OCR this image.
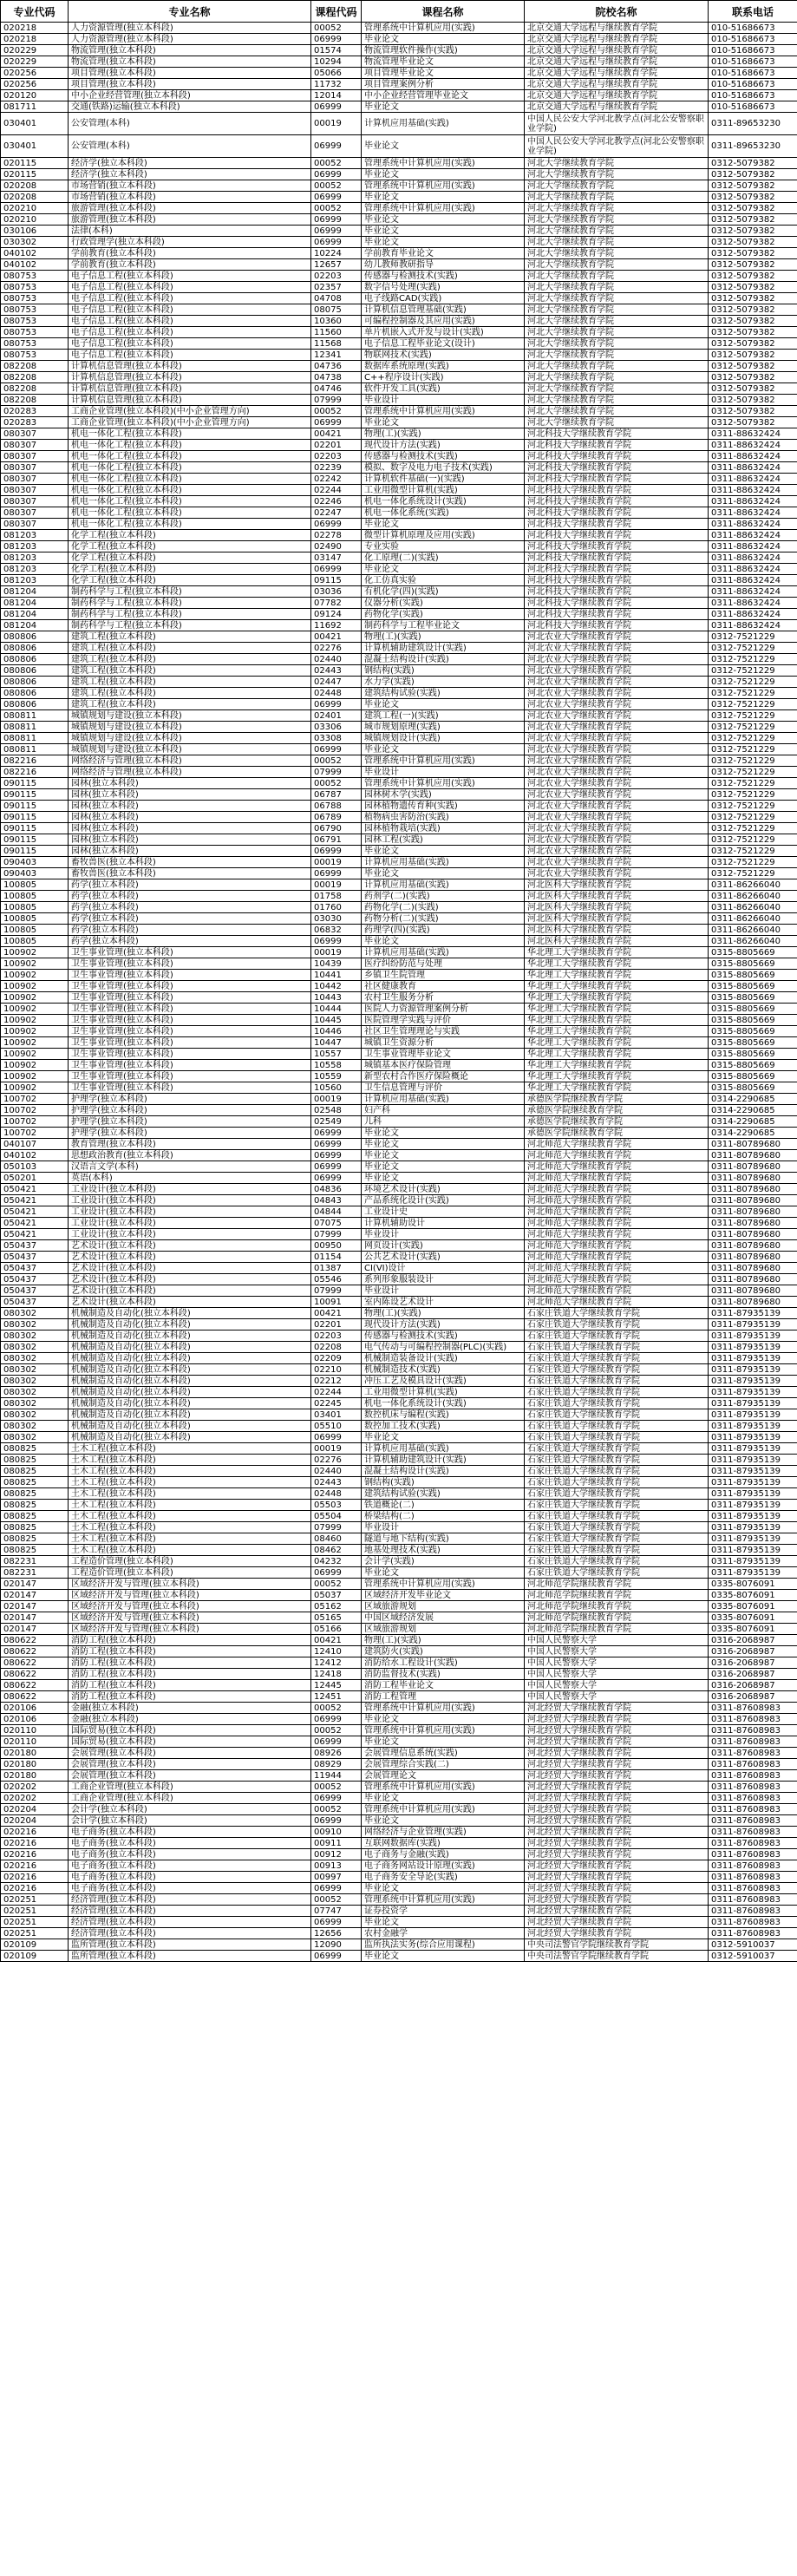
专业代码	专业名称	课程代码	课程名称	院校名称	联系电话
020218	人力资源管理(独立本科段)	00052	管理系统中计算机应用(实践)	北京交通大学远程与继续教育学院	010-51686673
020218	人力资源管理(独立本科段)	06999	毕业论文	北京交通大学远程与继续教育学院	010-51686673
020229	物流管理(独立本科段)	01574	物流管理软件操作(实践)	北京交通大学远程与继续教育学院	010-51686673
020229	物流管理(独立本科段)	10294	物流管理毕业论文	北京交通大学远程与继续教育学院	010-51686673
020256	项目管理(独立本科段)	05066	项目管理毕业论文	北京交通大学远程与继续教育学院	010-51686673
020256	项目管理(独立本科段)	11732	项目管理案例分析	北京交通大学远程与继续教育学院	010-51686673
020120	中小企业经营管理(独立本科段)	12014	中小企业经营管理毕业论文	北京交通大学远程与继续教育学院	010-51686673
081711	交通(铁路)运输(独立本科段)	06999	毕业论文	北京交通大学远程与继续教育学院	010-51686673
030401	公安管理(本科)	00019	计算机应用基础(实践)	中国人民公安大学河北教学点(河北公安警察职业学院)	0311-89653230
030401	公安管理(本科)	06999	毕业论文	中国人民公安大学河北教学点(河北公安警察职业学院)	0311-89653230
020115	经济学(独立本科段)	00052	管理系统中计算机应用(实践)	河北大学继续教育学院	0312-5079382
020115	经济学(独立本科段)	06999	毕业论文	河北大学继续教育学院	0312-5079382
020208	市场营销(独立本科段)	00052	管理系统中计算机应用(实践)	河北大学继续教育学院	0312-5079382
020208	市场营销(独立本科段)	06999	毕业论文	河北大学继续教育学院	0312-5079382
020210	旅游管理(独立本科段)	00052	管理系统中计算机应用(实践)	河北大学继续教育学院	0312-5079382
020210	旅游管理(独立本科段)	06999	毕业论文	河北大学继续教育学院	0312-5079382
030106	法律(本科)	06999	毕业论文	河北大学继续教育学院	0312-5079382
030302	行政管理学(独立本科段)	06999	毕业论文	河北大学继续教育学院	0312-5079382
040102	学前教育(独立本科段)	10224	学前教育毕业论文	河北大学继续教育学院	0312-5079382
040102	学前教育(独立本科段)	12657	幼儿教师教研指导	河北大学继续教育学院	0312-5079382
080753	电子信息工程(独立本科段)	02203	传感器与检测技术(实践)	河北大学继续教育学院	0312-5079382
080753	电子信息工程(独立本科段)	02357	数字信号处理(实践)	河北大学继续教育学院	0312-5079382
080753	电子信息工程(独立本科段)	04708	电子线路CAD(实践)	河北大学继续教育学院	0312-5079382
080753	电子信息工程(独立本科段)	08075	计算机信息管理基础(实践)	河北大学继续教育学院	0312-5079382
080753	电子信息工程(独立本科段)	10360	可编程控制器及其应用(实践)	河北大学继续教育学院	0312-5079382
080753	电子信息工程(独立本科段)	11560	单片机嵌入式开发与设计(实践)	河北大学继续教育学院	0312-5079382
080753	电子信息工程(独立本科段)	11568	电子信息工程毕业论文(设计)	河北大学继续教育学院	0312-5079382
080753	电子信息工程(独立本科段)	12341	物联网技术(实践)	河北大学继续教育学院	0312-5079382
082208	计算机信息管理(独立本科段)	04736	数据库系统原理(实践)	河北大学继续教育学院	0312-5079382
082208	计算机信息管理(独立本科段)	04738	C++程序设计(实践)	河北大学继续教育学院	0312-5079382
082208	计算机信息管理(独立本科段)	04746	软件开发工具(实践)	河北大学继续教育学院	0312-5079382
082208	计算机信息管理(独立本科段)	07999	毕业设计	河北大学继续教育学院	0312-5079382
020283	工商企业管理(独立本科段)(中小企业管理方向)	00052	管理系统中计算机应用(实践)	河北大学继续教育学院	0312-5079382
020283	工商企业管理(独立本科段)(中小企业管理方向)	06999	毕业论文	河北大学继续教育学院	0312-5079382
080307	机电一体化工程(独立本科段)	00421	物理(工)(实践)	河北科技大学继续教育学院	0311-88632424
080307	机电一体化工程(独立本科段)	02201	现代设计方法(实践)	河北科技大学继续教育学院	0311-88632424
080307	机电一体化工程(独立本科段)	02203	传感器与检测技术(实践)	河北科技大学继续教育学院	0311-88632424
080307	机电一体化工程(独立本科段)	02239	模拟、数字及电力电子技术(实践)	河北科技大学继续教育学院	0311-88632424
080307	机电一体化工程(独立本科段)	02242	计算机软件基础(一)(实践)	河北科技大学继续教育学院	0311-88632424
080307	机电一体化工程(独立本科段)	02244	工业用微型计算机(实践)	河北科技大学继续教育学院	0311-88632424
080307	机电一体化工程(独立本科段)	02246	机电一体化系统设计(实践)	河北科技大学继续教育学院	0311-88632424
080307	机电一体化工程(独立本科段)	02247	机电一体化系统(实践)	河北科技大学继续教育学院	0311-88632424
080307	机电一体化工程(独立本科段)	06999	毕业论文	河北科技大学继续教育学院	0311-88632424
081203	化学工程(独立本科段)	02278	微型计算机原理及应用(实践)	河北科技大学继续教育学院	0311-88632424
081203	化学工程(独立本科段)	02490	专业实验	河北科技大学继续教育学院	0311-88632424
081203	化学工程(独立本科段)	03147	化工原理(二)(实践)	河北科技大学继续教育学院	0311-88632424
081203	化学工程(独立本科段)	06999	毕业论文	河北科技大学继续教育学院	0311-88632424
081203	化学工程(独立本科段)	09115	化工仿真实验	河北科技大学继续教育学院	0311-88632424
081204	制药科学与工程(独立本科段)	03036	有机化学(四)(实践)	河北科技大学继续教育学院	0311-88632424
081204	制药科学与工程(独立本科段)	07782	仪器分析(实践)	河北科技大学继续教育学院	0311-88632424
081204	制药科学与工程(独立本科段)	09124	药物化学(实践)	河北科技大学继续教育学院	0311-88632424
081204	制药科学与工程(独立本科段)	11692	制药科学与工程毕业论文	河北科技大学继续教育学院	0311-88632424
080806	建筑工程(独立本科段)	00421	物理(工)(实践)	河北农业大学继续教育学院	0312-7521229
080806	建筑工程(独立本科段)	02276	计算机辅助建筑设计(实践)	河北农业大学继续教育学院	0312-7521229
080806	建筑工程(独立本科段)	02440	混凝土结构设计(实践)	河北农业大学继续教育学院	0312-7521229
080806	建筑工程(独立本科段)	02443	钢结构(实践)	河北农业大学继续教育学院	0312-7521229
080806	建筑工程(独立本科段)	02447	水力学(实践)	河北农业大学继续教育学院	0312-7521229
080806	建筑工程(独立本科段)	02448	建筑结构试验(实践)	河北农业大学继续教育学院	0312-7521229
080806	建筑工程(独立本科段)	06999	毕业论文	河北农业大学继续教育学院	0312-7521229
080811	城镇规划与建设(独立本科段)	02401	建筑工程(一)(实践)	河北农业大学继续教育学院	0312-7521229
080811	城镇规划与建设(独立本科段)	03306	城市规划原理(实践)	河北农业大学继续教育学院	0312-7521229
080811	城镇规划与建设(独立本科段)	03308	城镇规划设计(实践)	河北农业大学继续教育学院	0312-7521229
080811	城镇规划与建设(独立本科段)	06999	毕业论文	河北农业大学继续教育学院	0312-7521229
082216	网络经济与管理(独立本科段)	00052	管理系统中计算机应用(实践)	河北农业大学继续教育学院	0312-7521229
082216	网络经济与管理(独立本科段)	07999	毕业设计	河北农业大学继续教育学院	0312-7521229
090115	园林(独立本科段)	00052	管理系统中计算机应用(实践)	河北农业大学继续教育学院	0312-7521229
090115	园林(独立本科段)	06787	园林树木学(实践)	河北农业大学继续教育学院	0312-7521229
090115	园林(独立本科段)	06788	园林植物遗传育种(实践)	河北农业大学继续教育学院	0312-7521229
090115	园林(独立本科段)	06789	植物病虫害防治(实践)	河北农业大学继续教育学院	0312-7521229
090115	园林(独立本科段)	06790	园林植物栽培(实践)	河北农业大学继续教育学院	0312-7521229
090115	园林(独立本科段)	06791	园林工程(实践)	河北农业大学继续教育学院	0312-7521229
090115	园林(独立本科段)	06999	毕业论文	河北农业大学继续教育学院	0312-7521229
090403	畜牧兽医(独立本科段)	00019	计算机应用基础(实践)	河北农业大学继续教育学院	0312-7521229
090403	畜牧兽医(独立本科段)	06999	毕业论文	河北农业大学继续教育学院	0312-7521229
100805	药学(独立本科段)	00019	计算机应用基础(实践)	河北医科大学继续教育学院	0311-86266040
100805	药学(独立本科段)	01758	药剂学(二)(实践)	河北医科大学继续教育学院	0311-86266040
100805	药学(独立本科段)	01760	药物化学(二)(实践)	河北医科大学继续教育学院	0311-86266040
100805	药学(独立本科段)	03030	药物分析(二)(实践)	河北医科大学继续教育学院	0311-86266040
100805	药学(独立本科段)	06832	药理学(四)(实践)	河北医科大学继续教育学院	0311-86266040
100805	药学(独立本科段)	06999	毕业论文	河北医科大学继续教育学院	0311-86266040
100902	卫生事业管理(独立本科段)	00019	计算机应用基础(实践)	华北理工大学继续教育学院	0315-8805669
100902	卫生事业管理(独立本科段)	10439	医疗纠纷防范与处理	华北理工大学继续教育学院	0315-8805669
100902	卫生事业管理(独立本科段)	10441	乡镇卫生院管理	华北理工大学继续教育学院	0315-8805669
100902	卫生事业管理(独立本科段)	10442	社区健康教育	华北理工大学继续教育学院	0315-8805669
100902	卫生事业管理(独立本科段)	10443	农村卫生服务分析	华北理工大学继续教育学院	0315-8805669
100902	卫生事业管理(独立本科段)	10444	医院人力资源管理案例分析	华北理工大学继续教育学院	0315-8805669
100902	卫生事业管理(独立本科段)	10445	医院管理学实践与评价	华北理工大学继续教育学院	0315-8805669
100902	卫生事业管理(独立本科段)	10446	社区卫生管理理论与实践	华北理工大学继续教育学院	0315-8805669
100902	卫生事业管理(独立本科段)	10447	城镇卫生资源分析	华北理工大学继续教育学院	0315-8805669
100902	卫生事业管理(独立本科段)	10557	卫生事业管理毕业论文	华北理工大学继续教育学院	0315-8805669
100902	卫生事业管理(独立本科段)	10558	城镇基本医疗保险管理	华北理工大学继续教育学院	0315-8805669
100902	卫生事业管理(独立本科段)	10559	新型农村合作医疗保险概论	华北理工大学继续教育学院	0315-8805669
100902	卫生事业管理(独立本科段)	10560	卫生信息管理与评价	华北理工大学继续教育学院	0315-8805669
100702	护理学(独立本科段)	00019	计算机应用基础(实践)	承德医学院继续教育学院	0314-2290685
100702	护理学(独立本科段)	02548	妇产科	承德医学院继续教育学院	0314-2290685
100702	护理学(独立本科段)	02549	儿科	承德医学院继续教育学院	0314-2290685
100702	护理学(独立本科段)	06999	毕业论文	承德医学院继续教育学院	0314-2290685
040107	教育管理(独立本科段)	06999	毕业论文	河北师范大学继续教育学院	0311-80789680
040102	思想政治教育(独立本科段)	06999	毕业论文	河北师范大学继续教育学院	0311-80789680
050103	汉语言文学(本科)	06999	毕业论文	河北师范大学继续教育学院	0311-80789680
050201	英语(本科)	06999	毕业论文	河北师范大学继续教育学院	0311-80789680
050421	工业设计(独立本科段)	04836	环境艺术设计(实践)	河北师范大学继续教育学院	0311-80789680
050421	工业设计(独立本科段)	04843	产品系统化设计(实践)	河北师范大学继续教育学院	0311-80789680
050421	工业设计(独立本科段)	04844	工业设计史	河北师范大学继续教育学院	0311-80789680
050421	工业设计(独立本科段)	07075	计算机辅助设计	河北师范大学继续教育学院	0311-80789680
050421	工业设计(独立本科段)	07999	毕业设计	河北师范大学继续教育学院	0311-80789680
050437	艺术设计(独立本科段)	00950	网页设计(实践)	河北师范大学继续教育学院	0311-80789680
050437	艺术设计(独立本科段)	01154	公共艺术设计(实践)	河北师范大学继续教育学院	0311-80789680
050437	艺术设计(独立本科段)	01387	CI(VI)设计	河北师范大学继续教育学院	0311-80789680
050437	艺术设计(独立本科段)	05546	系列形象服装设计	河北师范大学继续教育学院	0311-80789680
050437	艺术设计(独立本科段)	07999	毕业设计	河北师范大学继续教育学院	0311-80789680
050437	艺术设计(独立本科段)	10091	室内陈设艺术设计	河北师范大学继续教育学院	0311-80789680
080302	机械制造及自动化(独立本科段)	00421	物理(工)(实践)	石家庄铁道大学继续教育学院	0311-87935139
080302	机械制造及自动化(独立本科段)	02201	现代设计方法(实践)	石家庄铁道大学继续教育学院	0311-87935139
080302	机械制造及自动化(独立本科段)	02203	传感器与检测技术(实践)	石家庄铁道大学继续教育学院	0311-87935139
080302	机械制造及自动化(独立本科段)	02208	电气传动与可编程控制器(PLC)(实践)	石家庄铁道大学继续教育学院	0311-87935139
080302	机械制造及自动化(独立本科段)	02209	机械制造装备设计(实践)	石家庄铁道大学继续教育学院	0311-87935139
080302	机械制造及自动化(独立本科段)	02210	机械制造技术(实践)	石家庄铁道大学继续教育学院	0311-87935139
080302	机械制造及自动化(独立本科段)	02212	冲压工艺及模具设计(实践)	石家庄铁道大学继续教育学院	0311-87935139
080302	机械制造及自动化(独立本科段)	02244	工业用微型计算机(实践)	石家庄铁道大学继续教育学院	0311-87935139
080302	机械制造及自动化(独立本科段)	02245	机电一体化系统设计(实践)	石家庄铁道大学继续教育学院	0311-87935139
080302	机械制造及自动化(独立本科段)	03401	数控机床与编程(实践)	石家庄铁道大学继续教育学院	0311-87935139
080302	机械制造及自动化(独立本科段)	05510	数控加工技术(实践)	石家庄铁道大学继续教育学院	0311-87935139
080302	机械制造及自动化(独立本科段)	06999	毕业论文	石家庄铁道大学继续教育学院	0311-87935139
080825	土木工程(独立本科段)	00019	计算机应用基础(实践)	石家庄铁道大学继续教育学院	0311-87935139
080825	土木工程(独立本科段)	02276	计算机辅助建筑设计(实践)	石家庄铁道大学继续教育学院	0311-87935139
080825	土木工程(独立本科段)	02440	混凝土结构设计(实践)	石家庄铁道大学继续教育学院	0311-87935139
080825	土木工程(独立本科段)	02443	钢结构(实践)	石家庄铁道大学继续教育学院	0311-87935139
080825	土木工程(独立本科段)	02448	建筑结构试验(实践)	石家庄铁道大学继续教育学院	0311-87935139
080825	土木工程(独立本科段)	05503	铁道概论(二)	石家庄铁道大学继续教育学院	0311-87935139
080825	土木工程(独立本科段)	05504	桥梁结构(二)	石家庄铁道大学继续教育学院	0311-87935139
080825	土木工程(独立本科段)	07999	毕业设计	石家庄铁道大学继续教育学院	0311-87935139
080825	土木工程(独立本科段)	08460	隧道与地下结构(实践)	石家庄铁道大学继续教育学院	0311-87935139
080825	土木工程(独立本科段)	08462	地基处理技术(实践)	石家庄铁道大学继续教育学院	0311-87935139
082231	工程造价管理(独立本科段)	04232	会计学(实践)	石家庄铁道大学继续教育学院	0311-87935139
082231	工程造价管理(独立本科段)	06999	毕业论文	石家庄铁道大学继续教育学院	0311-87935139
020147	区域经济开发与管理(独立本科段)	00052	管理系统中计算机应用(实践)	河北师范学院继续教育学院	0335-8076091
020147	区域经济开发与管理(独立本科段)	05037	区域经济开发毕业论文	河北师范学院继续教育学院	0335-8076091
020147	区域经济开发与管理(独立本科段)	05162	区域旅游规划	河北师范学院继续教育学院	0335-8076091
020147	区域经济开发与管理(独立本科段)	05165	中国区域经济发展	河北师范学院继续教育学院	0335-8076091
020147	区域经济开发与管理(独立本科段)	05166	区域旅游规划	河北师范学院继续教育学院	0335-8076091
080622	消防工程(独立本科段)	00421	物理(工)(实践)	中国人民警察大学	0316-2068987
080622	消防工程(独立本科段)	12410	建筑防火(实践)	中国人民警察大学	0316-2068987
080622	消防工程(独立本科段)	12412	消防给水工程设计(实践)	中国人民警察大学	0316-2068987
080622	消防工程(独立本科段)	12418	消防监督技术(实践)	中国人民警察大学	0316-2068987
080622	消防工程(独立本科段)	12445	消防工程毕业论文	中国人民警察大学	0316-2068987
080622	消防工程(独立本科段)	12451	消防工程管理	中国人民警察大学	0316-2068987
020106	金融(独立本科段)	00052	管理系统中计算机应用(实践)	河北经贸大学继续教育学院	0311-87608983
020106	金融(独立本科段)	06999	毕业论文	河北经贸大学继续教育学院	0311-87608983
020110	国际贸易(独立本科段)	00052	管理系统中计算机应用(实践)	河北经贸大学继续教育学院	0311-87608983
020110	国际贸易(独立本科段)	06999	毕业论文	河北经贸大学继续教育学院	0311-87608983
020180	会展管理(独立本科段)	08926	会展管理信息系统(实践)	河北经贸大学继续教育学院	0311-87608983
020180	会展管理(独立本科段)	08929	会展管理综合实践(二)	河北经贸大学继续教育学院	0311-87608983
020180	会展管理(独立本科段)	11944	会展管理论文	河北经贸大学继续教育学院	0311-87608983
020202	工商企业管理(独立本科段)	00052	管理系统中计算机应用(实践)	河北经贸大学继续教育学院	0311-87608983
020202	工商企业管理(独立本科段)	06999	毕业论文	河北经贸大学继续教育学院	0311-87608983
020204	会计学(独立本科段)	00052	管理系统中计算机应用(实践)	河北经贸大学继续教育学院	0311-87608983
020204	会计学(独立本科段)	06999	毕业论文	河北经贸大学继续教育学院	0311-87608983
020216	电子商务(独立本科段)	00910	网络经济与企业管理(实践)	河北经贸大学继续教育学院	0311-87608983
020216	电子商务(独立本科段)	00911	互联网数据库(实践)	河北经贸大学继续教育学院	0311-87608983
020216	电子商务(独立本科段)	00912	电子商务与金融(实践)	河北经贸大学继续教育学院	0311-87608983
020216	电子商务(独立本科段)	00913	电子商务网站设计原理(实践)	河北经贸大学继续教育学院	0311-87608983
020216	电子商务(独立本科段)	00997	电子商务安全导论(实践)	河北经贸大学继续教育学院	0311-87608983
020216	电子商务(独立本科段)	06999	毕业论文	河北经贸大学继续教育学院	0311-87608983
020251	经济管理(独立本科段)	00052	管理系统中计算机应用(实践)	河北经贸大学继续教育学院	0311-87608983
020251	经济管理(独立本科段)	07747	证券投资学	河北经贸大学继续教育学院	0311-87608983
020251	经济管理(独立本科段)	06999	毕业论文	河北经贸大学继续教育学院	0311-87608983
020251	经济管理(独立本科段)	12656	农村金融学	河北经贸大学继续教育学院	0311-87608983
020109	监所管理(独立本科段)	12090	监所执法实务(综合应用课程)	中央司法警官学院继续教育学院	0312-5910037
020109	监所管理(独立本科段)	06999	毕业论文	中央司法警官学院继续教育学院	0312-5910037
